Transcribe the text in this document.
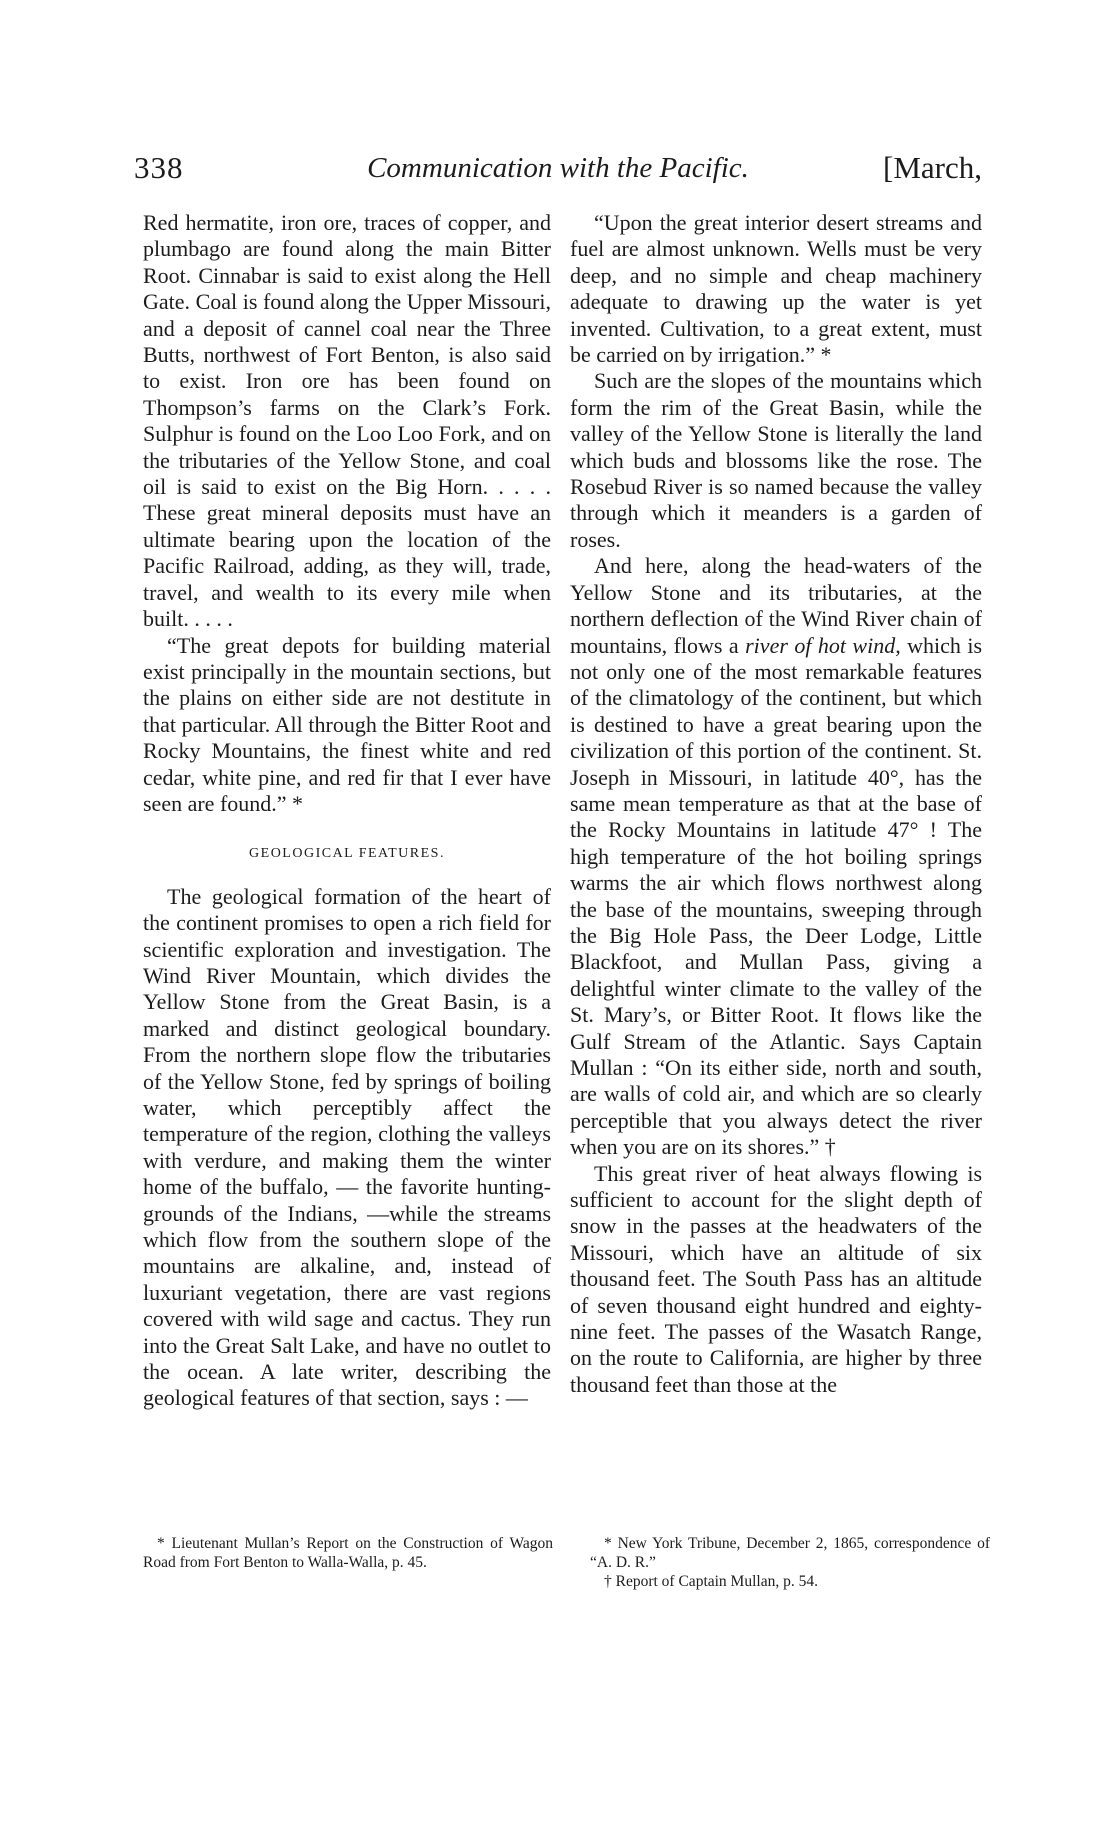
338	Communication with the Pacific.	[March,

Red hermatite, iron ore, traces of copper, and plumbago are found along the main Bitter Root. Cinnabar is said to exist along the Hell Gate. Coal is found along the Upper Missouri, and a deposit of cannel coal near the Three Butts, northwest of Fort Benton, is also said to exist. Iron ore has been found on Thompson’s farms on the Clark’s Fork. Sulphur is found on the Loo Loo Fork, and on the tributaries of the Yellow Stone, and coal oil is said to exist on the Big Horn. . . . . These great mineral deposits must have an ultimate bearing upon the location of the Pacific Railroad, adding, as they will, trade, travel, and wealth to its every mile when built. . . . .

“The great depots for building material exist principally in the mountain sections, but the plains on either side are not destitute in that particular. All through the Bitter Root and Rocky Mountains, the finest white and red cedar, white pine, and red fir that I ever have seen are found.” *

GEOLOGICAL FEATURES.

The geological formation of the heart of the continent promises to open a rich field for scientific exploration and investigation. The Wind River Mountain, which divides the Yellow Stone from the Great Basin, is a marked and distinct geological boundary. From the northern slope flow the tributaries of the Yellow Stone, fed by springs of boiling water, which perceptibly affect the temperature of the region, clothing the valleys with verdure, and making them the winter home of the buffalo, — the favorite hunting-grounds of the Indians, —while the streams which flow from the southern slope of the mountains are alkaline, and, instead of luxuriant vegetation, there are vast regions covered with wild sage and cactus. They run into the Great Salt Lake, and have no outlet to the ocean. A late writer, describing the geological features of that section, says : —

“Upon the great interior desert streams and fuel are almost unknown. Wells must be very deep, and no simple and cheap machinery adequate to drawing up the water is yet invented. Cultivation, to a great extent, must be carried on by irrigation.” *

Such are the slopes of the mountains which form the rim of the Great Basin, while the valley of the Yellow Stone is literally the land which buds and blossoms like the rose. The Rosebud River is so named because the valley through which it meanders is a garden of roses.

And here, along the head-waters of the Yellow Stone and its tributaries, at the northern deflection of the Wind River chain of mountains, flows a river of hot wind, which is not only one of the most remarkable features of the climatology of the continent, but which is destined to have a great bearing upon the civilization of this portion of the continent. St. Joseph in Missouri, in latitude 40°, has the same mean temperature as that at the base of the Rocky Mountains in latitude 47° ! The high temperature of the hot boiling springs warms the air which flows northwest along the base of the mountains, sweeping through the Big Hole Pass, the Deer Lodge, Little Blackfoot, and Mullan Pass, giving a delightful winter climate to the valley of the St. Mary’s, or Bitter Root. It flows like the Gulf Stream of the Atlantic. Says Captain Mullan : “On its either side, north and south, are walls of cold air, and which are so clearly perceptible that you always detect the river when you are on its shores.” †

This great river of heat always flowing is sufficient to account for the slight depth of snow in the passes at the headwaters of the Missouri, which have an altitude of six thousand feet. The South Pass has an altitude of seven thousand eight hundred and eighty-nine feet. The passes of the Wasatch Range, on the route to California, are higher by three thousand feet than those at the

* Lieutenant Mullan’s Report on the Construction of Wagon Road from Fort Benton to Walla-Walla, p. 45.

* New York Tribune, December 2, 1865, correspondence of “A. D. R.”

† Report of Captain Mullan, p. 54.
